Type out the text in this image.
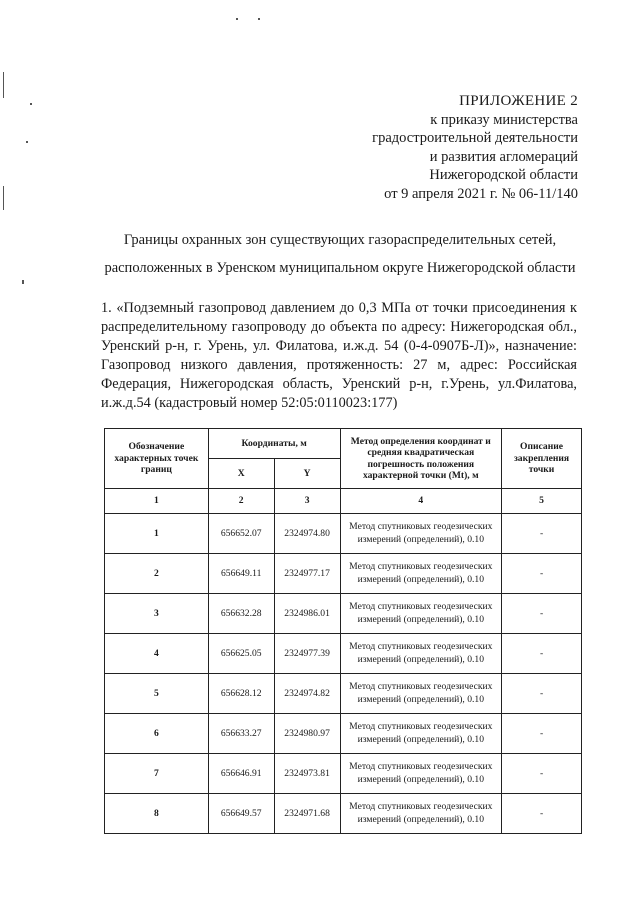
ПРИЛОЖЕНИЕ 2
к приказу министерства
градостроительной деятельности
и развития агломераций
Нижегородской области
от 9 апреля 2021 г. № 06-11/140
Границы охранных зон существующих газораспределительных сетей,
расположенных в Уренском муниципальном округе Нижегородской области
1. «Подземный газопровод давлением до 0,3 МПа от точки присоединения к распределительному газопроводу до объекта по адресу: Нижегородская обл., Уренский р-н, г. Урень, ул. Филатова, и.ж.д. 54 (0-4-0907Б-Л)», назначение: Газопровод низкого давления, протяженность: 27 м, адрес: Российская Федерация, Нижегородская область, Уренский р-н, г.Урень, ул.Филатова, и.ж.д.54 (кадастровый номер 52:05:0110023:177)
Обозначение характерных точек границ	Координаты, м		Метод определения координат и средняя квадратическая погрешность положения характерной точки (Mt), м	Описание закрепления точки
	X	Y		
1	2	3	4	5
1	656652.07	2324974.80	Метод спутниковых геодезических измерений (определений), 0.10	-
2	656649.11	2324977.17	Метод спутниковых геодезических измерений (определений), 0.10	-
3	656632.28	2324986.01	Метод спутниковых геодезических измерений (определений), 0.10	-
4	656625.05	2324977.39	Метод спутниковых геодезических измерений (определений), 0.10	-
5	656628.12	2324974.82	Метод спутниковых геодезических измерений (определений), 0.10	-
6	656633.27	2324980.97	Метод спутниковых геодезических измерений (определений), 0.10	-
7	656646.91	2324973.81	Метод спутниковых геодезических измерений (определений), 0.10	-
8	656649.57	2324971.68	Метод спутниковых геодезических измерений (определений), 0.10	-
